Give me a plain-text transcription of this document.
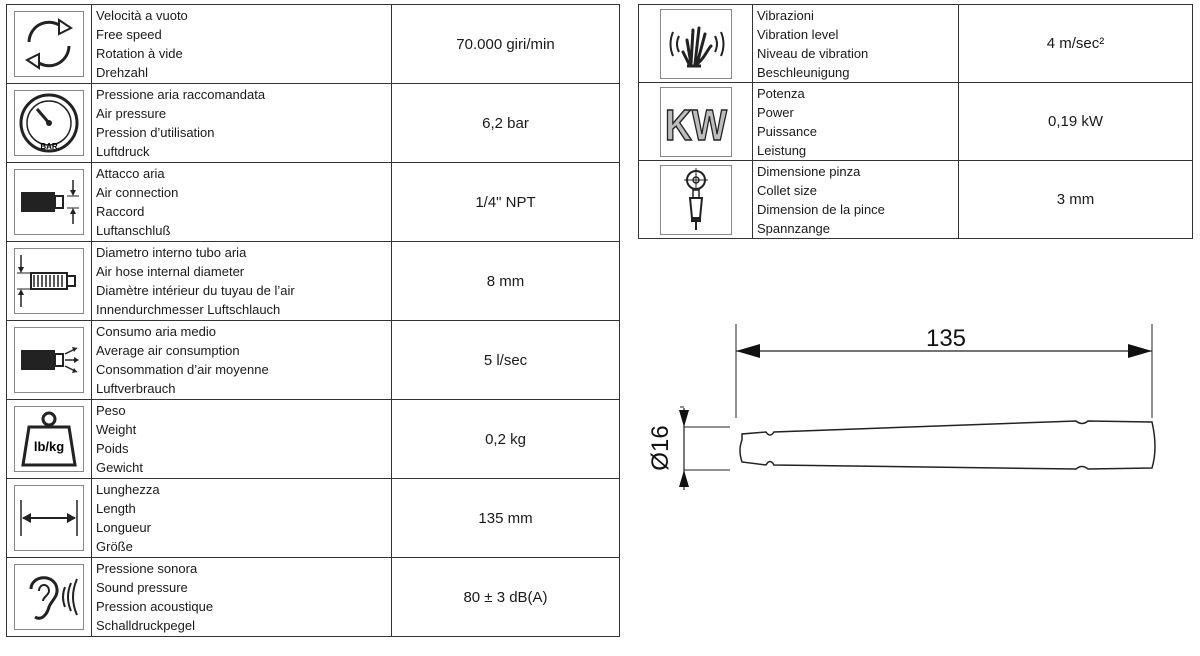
Velocità a vuoto
Free speed
Rotation à vide
Drehzahl	70.000 giri/min

BAR	Pressione aria raccomandata
Air pressure
Pression d’utilisation
Luftdruck	6,2 bar

Attacco aria
Air connection
Raccord
Luftanschluß	1/4" NPT

Diametro interno tubo aria
Air hose internal diameter
Diamètre intérieur du tuyau de l’air
Innendurchmesser Luftschlauch	8 mm

Consumo aria medio
Average air consumption
Consommation d’air moyenne
Luftverbrauch	5 l/sec

lb/kg	Peso
Weight
Poids
Gewicht	0,2 kg

Lunghezza
Length
Longueur
Größe	135 mm

Pressione sonora
Sound pressure
Pression acoustique
Schalldruckpegel	80 ± 3 dB(A)

Vibrazioni
Vibration level
Niveau de vibration
Beschleunigung	4 m/sec²

KW	Potenza
Power
Puissance
Leistung	0,19 kW

Dimensione pinza
Collet size
Dimension de la pince
Spannzange	3 mm
135
Ø16
